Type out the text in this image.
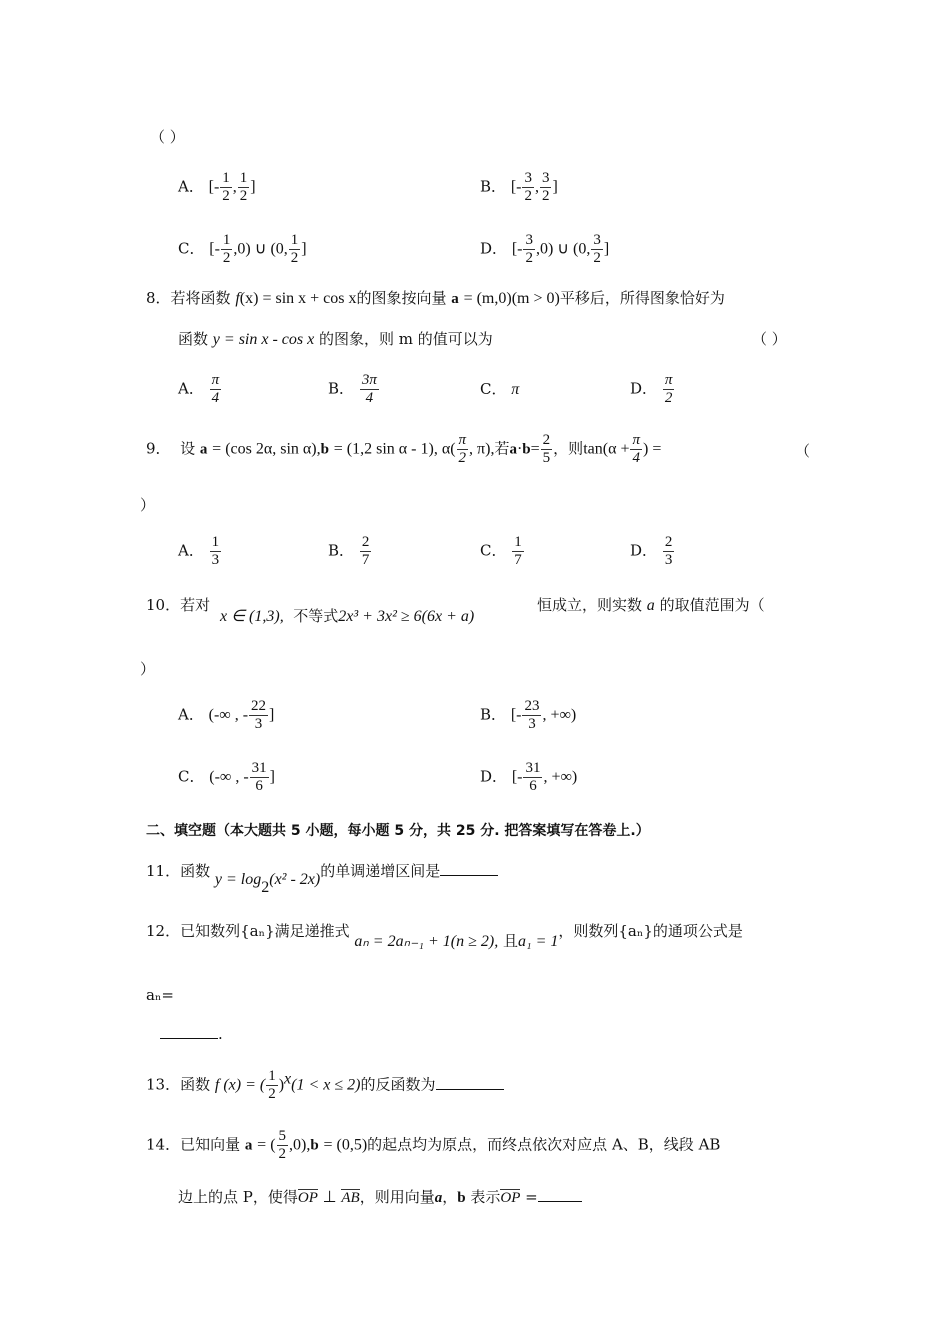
（ ）
A． [- $\frac{1}{2}$ , $\frac{1}{2}$ ]	B． [- $\frac{3}{2}$ , $\frac{3}{2}$ ]
C． [- $\frac{1}{2} ,0$) ∪ (0, $\frac{1}{2}$ ]	D． [- $\frac{3}{2} ,0$) ∪ (0, $\frac{3}{2}$ ]
8．若将函数 f(x) = sin x + cos x的图象按向量 a = (m,0)(m > 0)平移后，所得图象恰好为
函数 y = sin x - cos x 的图象，则 m 的值可以为	（ ）
A． $\frac{\pi}{4}$	B． $\frac{3\pi}{4}$	C． π	D． $\frac{\pi}{2}$
9． 设 a = (cos 2α, sin α),b = (1,2 sin α - 1), $\alpha( \frac{\pi}{2}$ , π),若$a\cdot b= \frac{2}{5}$ ，则$\tan(\alpha + \frac{\pi}{4}$ ) =	（
）
A． $\frac{1}{3}$	B． $\frac{2}{7}$	C． $\frac{1}{7}$	D． $\frac{2}{3}$
10．若对
x ∈ (1,3), 不等式2x³ + 3x² ≥ 6(6x + a)
恒成立，则实数 a 的取值范围为（
）
A． (-∞ , - $\frac{22}{3}$ ]	B． [- $\frac{23}{3}$ , +∞)
C． (-∞ , - $\frac{31}{6}$ ]	D． [- $\frac{31}{6}$ , +∞)
二、填空题（本大题共 5 小题，每小题 5 分，共 25 分. 把答案填写在答卷上.）
11．函数 $y = \log_2(x^2 - 2x)$的单调递增区间是
12．已知数列{aₙ}满足递推式 aₙ = 2aₙ₋₁ + 1(n ≥ 2), 且a₁ = 1，则数列{aₙ}的通项公式是
aₙ=
.
13．函数 f (x) = ( $\frac{1}{2} )^x(1 < x \le 2)$的反函数为
14．已知向量 a = ( $\frac{5}{2} ,0),b = (0,5)$的起点均为原点，而终点依次对应点 A、B，线段 AB
边上的点 P，使得OP ⊥ AB，则用向量a，b 表示OP =
